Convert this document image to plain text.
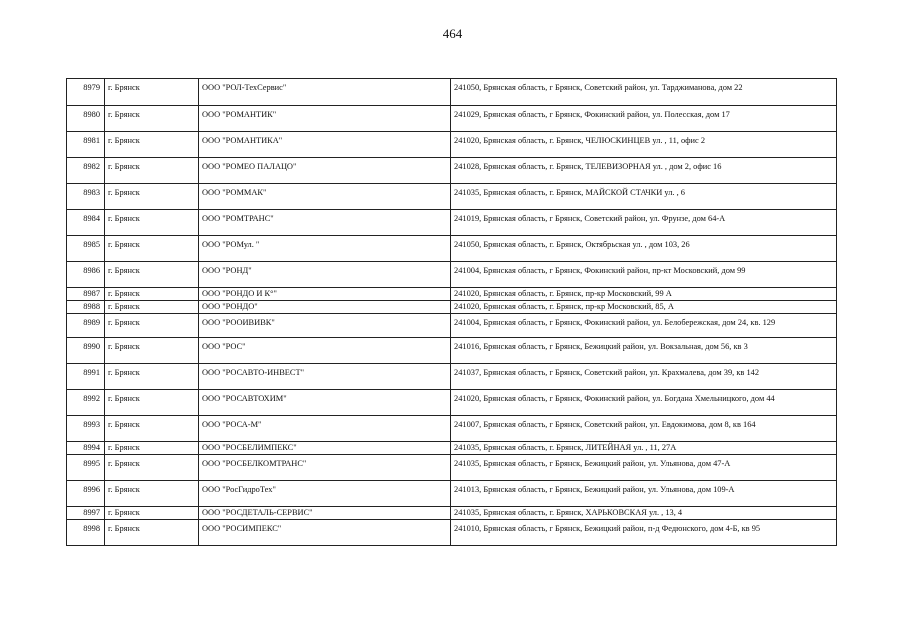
464
8979	г. Брянск	ООО "РОЛ-ТехСервис"	241050, Брянская область, г Брянск, Советский район, ул. Тарджимановa, дом 22
8980	г. Брянск	ООО "РОМАНТИК"	241029, Брянская область, г Брянск, Фокинский район, ул. Полесская, дом 17
8981	г. Брянск	ООО "РОМАНТИКА"	241020, Брянская область, г. Брянск, ЧЕЛЮСКИНЦЕВ ул. , 11, офис 2
8982	г. Брянск	ООО "РОМЕО ПАЛАЦО"	241028, Брянская область, г. Брянск, ТЕЛЕВИЗОРНАЯ ул. , дом 2, офис 16
8983	г. Брянск	ООО "РОММАК"	241035, Брянская область, г. Брянск, МАЙСКОЙ СТАЧКИ ул. , 6
8984	г. Брянск	ООО "РОМТРАНС"	241019, Брянская область, г Брянск, Советский район, ул. Фрунзе, дом 64-А
8985	г. Брянск	ООО "РОМул. "	241050, Брянская область, г. Брянск, Октябрьская ул. , дом 103, 26
8986	г. Брянск	ООО "РОНД"	241004, Брянская область, г Брянск, Фокинский район, пр-кт Московский, дом 99
8987	г. Брянск	ООО "РОНДО И К°"	241020, Брянская область, г. Брянск, пр-кр Московский, 99 А
8988	г. Брянск	ООО "РОНДО"	241020, Брянская область, г. Брянск, пр-кр Московский, 85, А
8989	г. Брянск	ООО "РООИВИВК"	241004, Брянская область, г Брянск, Фокинский район, ул. Белобережская, дом 24, кв. 129
8990	г. Брянск	ООО "РОС"	241016, Брянская область, г Брянск, Бежицкий район, ул. Вокзальная, дом 56, кв 3
8991	г. Брянск	ООО "РОСАВТО-ИНВЕСТ"	241037, Брянская область, г Брянск, Советский район, ул. Крахмалева, дом 39, кв 142
8992	г. Брянск	ООО "РОСАВТОХИМ"	241020, Брянская область, г Брянск, Фокинский район, ул. Богдана Хмельницкого, дом 44
8993	г. Брянск	ООО "РОСА-М"	241007, Брянская область, г Брянск, Советский район, ул. Евдокимова, дом 8, кв 164
8994	г. Брянск	ООО "РОСБЕЛИМПЕКС"	241035, Брянская область, г. Брянск, ЛИТЕЙНАЯ ул. , 11, 27А
8995	г. Брянск	ООО "РОСБЕЛКОМТРАНС"	241035, Брянская область, г Брянск, Бежицкий район, ул. Ульянова, дом 47-А
8996	г. Брянск	ООО "РосГидроТех"	241013, Брянская область, г Брянск, Бежицкий район, ул. Ульянова, дом 109-А
8997	г. Брянск	ООО "РОСДЕТАЛЬ-СЕРВИС"	241035, Брянская область, г. Брянск, ХАРЬКОВСКАЯ ул. , 13, 4
8998	г. Брянск	ООО "РОСИМПЕКС"	241010, Брянская область, г Брянск, Бежицкий район, п-д Федюнского, дом 4-Б, кв 95
